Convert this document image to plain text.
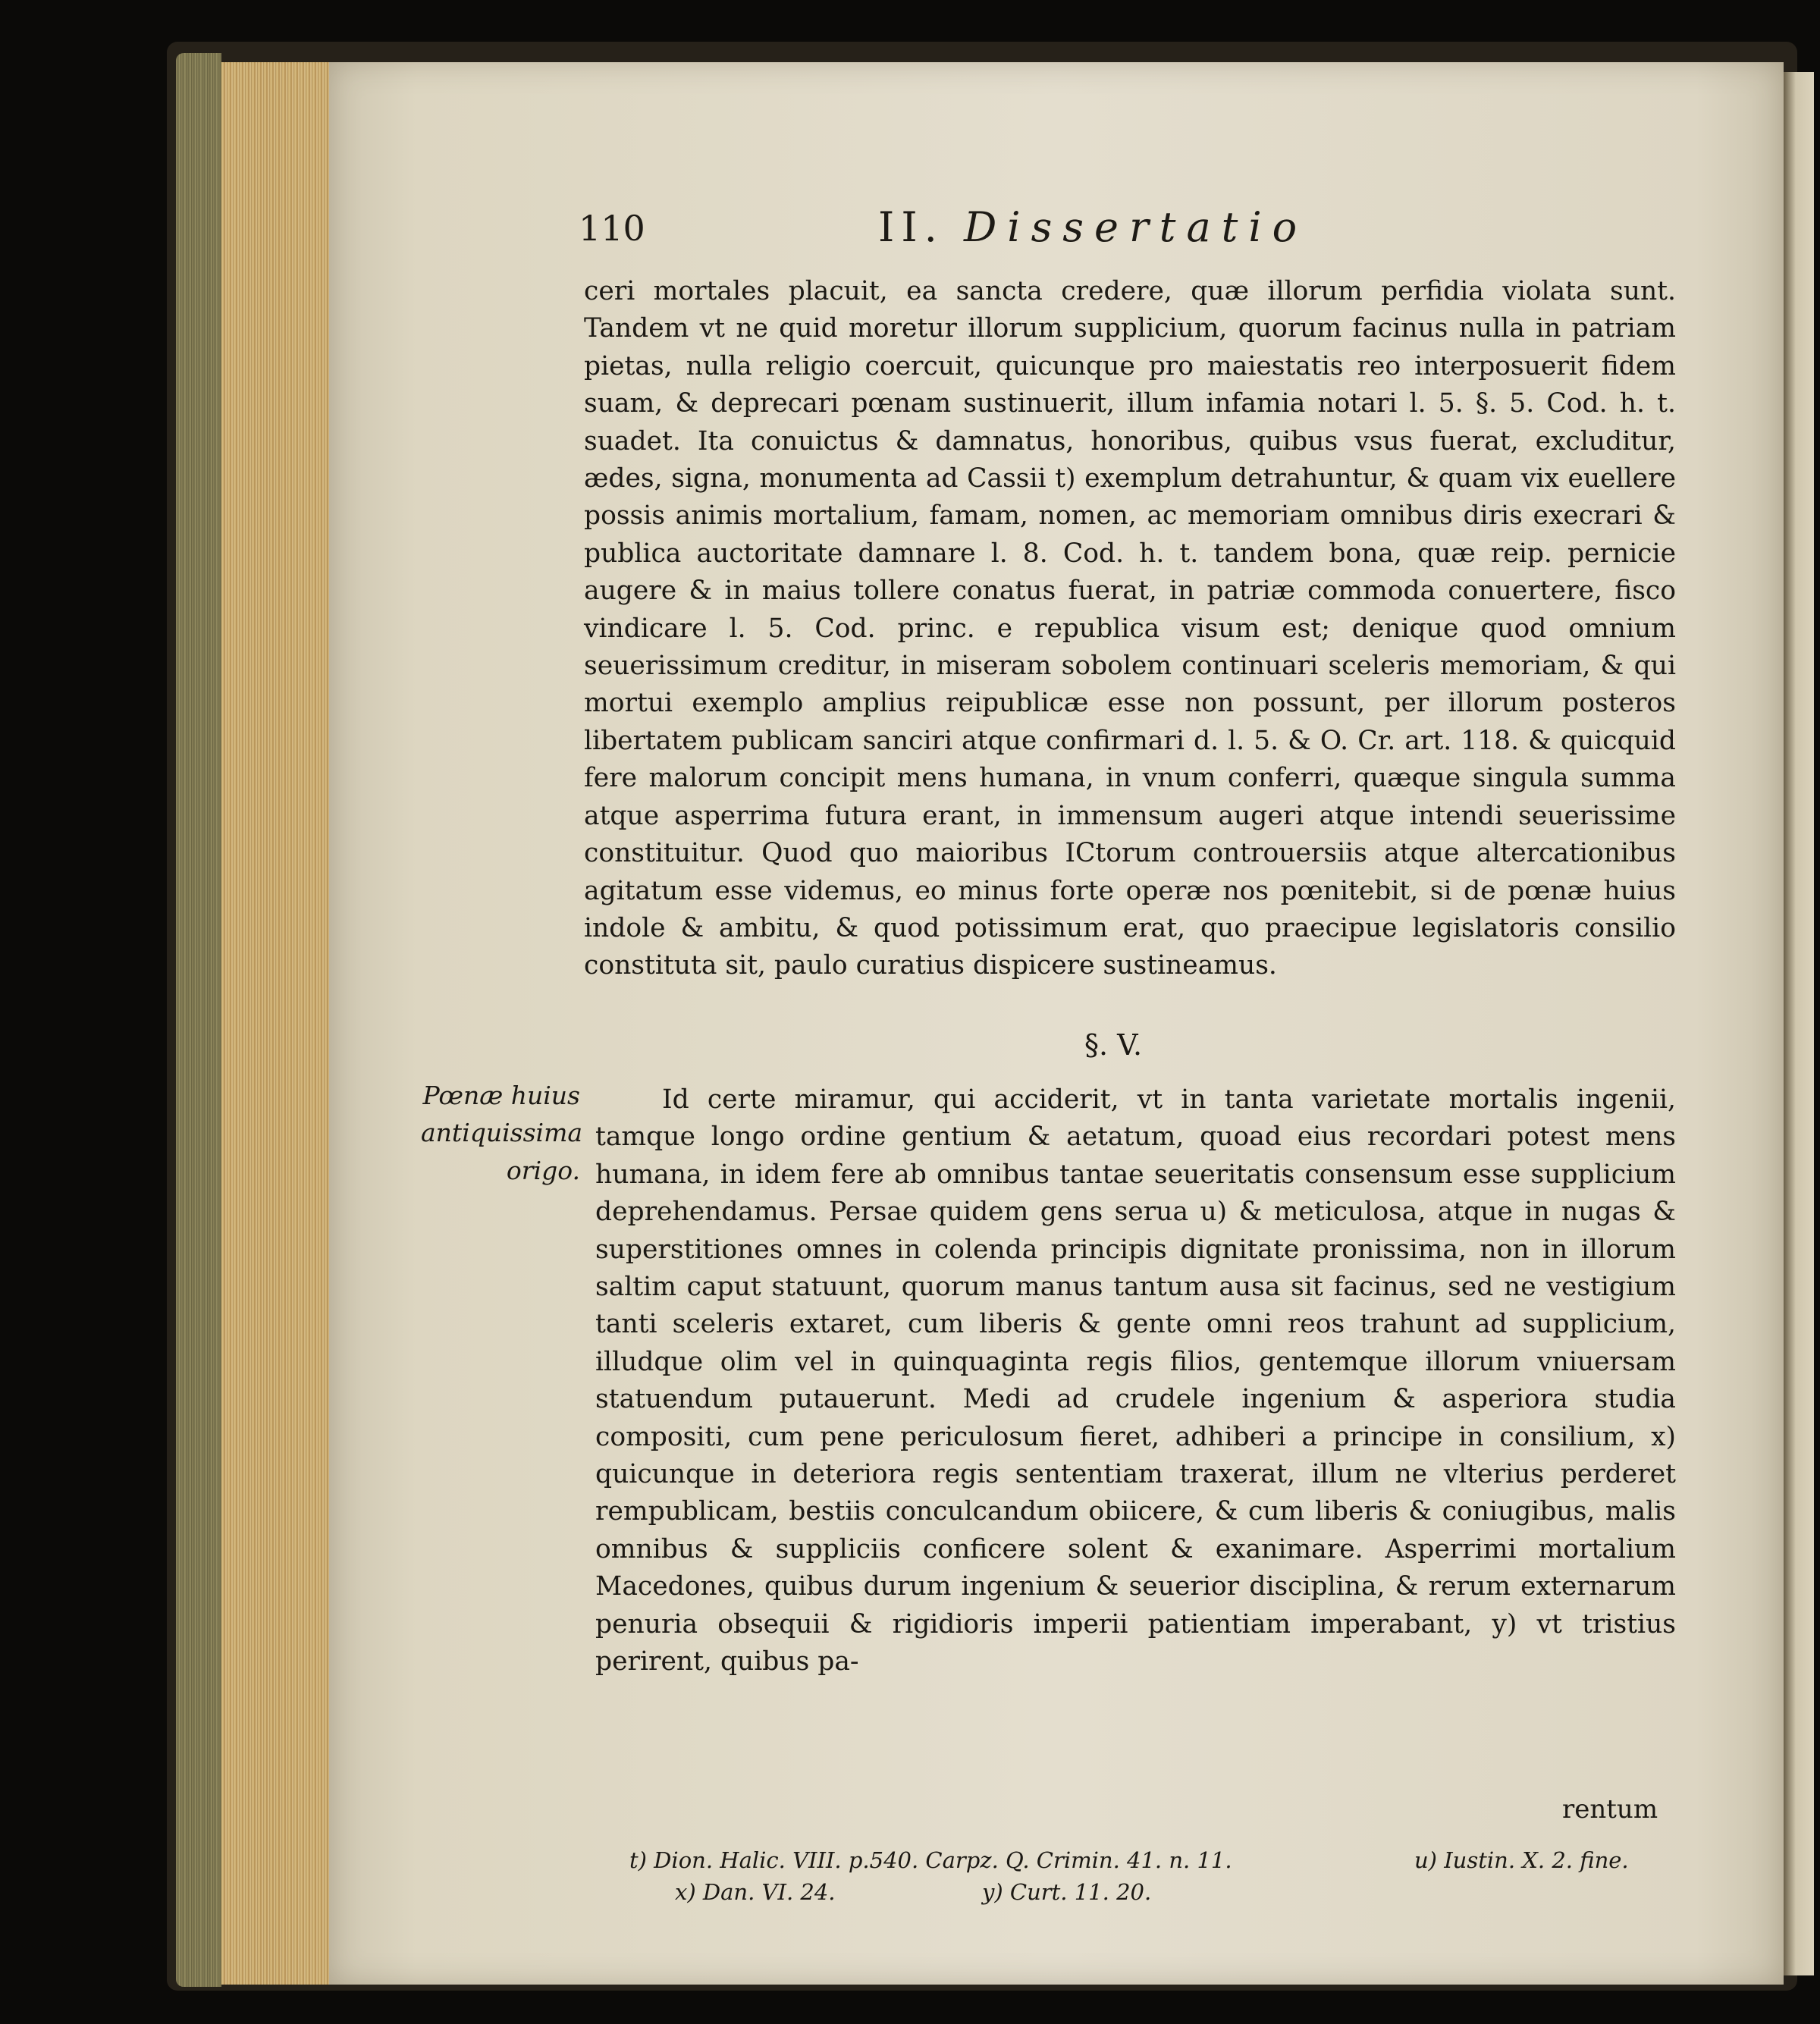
110	II. Dissertatio

ceri mortales placuit, ea sancta credere, quæ illorum perfidia violata sunt. Tandem vt ne quid moretur illorum supplicium, quorum facinus nulla in patriam pietas, nulla religio coercuit, quicunque pro maiestatis reo interposuerit fidem suam, & deprecari pœnam sustinuerit, illum infamia notari l. 5. §. 5. Cod. h. t. suadet. Ita conuictus & damnatus, honoribus, quibus vsus fuerat, excluditur, ædes, signa, monumenta ad Cassii t) exemplum detrahuntur, & quam vix euellere possis animis mortalium, famam, nomen, ac memoriam omnibus diris execrari & publica auctoritate damnare l. 8. Cod. h. t. tandem bona, quæ reip. pernicie augere & in maius tollere conatus fuerat, in patriæ commoda conuertere, fisco vindicare l. 5. Cod. princ. e republica visum est; denique quod omnium seuerissimum creditur, in miseram sobolem continuari sceleris memoriam, & qui mortui exemplo amplius reipublicæ esse non possunt, per illorum posteros libertatem publicam sanciri atque confirmari d. l. 5. & O. Cr. art. 118. & quicquid fere malorum concipit mens humana, in vnum conferri, quæque singula summa atque asperrima futura erant, in immensum augeri atque intendi seuerissime constituitur. Quod quo maioribus ICtorum controuersiis atque altercationibus agitatum esse videmus, eo minus forte operæ nos pœnitebit, si de pœnæ huius indole & ambitu, & quod potissimum erat, quo praecipue legislatoris consilio constituta sit, paulo curatius dispicere sustineamus.

§. V.
Pœnæ huius antiquissima origo.

Id certe miramur, qui acciderit, vt in tanta varietate mortalis ingenii, tamque longo ordine gentium & aetatum, quoad eius recordari potest mens humana, in idem fere ab omnibus tantae seueritatis consensum esse supplicium deprehendamus. Persae quidem gens serua u) & meticulosa, atque in nugas & superstitiones omnes in colenda principis dignitate pronissima, non in illorum saltim caput statuunt, quorum manus tantum ausa sit facinus, sed ne vestigium tanti sceleris extaret, cum liberis & gente omni reos trahunt ad supplicium, illudque olim vel in quinquaginta regis filios, gentemque illorum vniuersam statuendum putauerunt. Medi ad crudele ingenium & asperiora studia compositi, cum pene periculosum fieret, adhiberi a principe in consilium, x) quicunque in deteriora regis sententiam traxerat, illum ne vlterius perderet rempublicam, bestiis conculcandum obiicere, & cum liberis & coniugibus, malis omnibus & suppliciis conficere solent & exanimare. Asperrimi mortalium Macedones, quibus durum ingenium & seuerior disciplina, & rerum externarum penuria obsequii & rigidioris imperii patientiam imperabant, y) vt tristius perirent, quibus pa-

rentum
t) Dion. Halic. VIII. p.540. Carpz. Q. Crimin. 41. n. 11.	u) Iustin. X. 2. fine.
x) Dan. VI. 24.	y) Curt. 11. 20.
